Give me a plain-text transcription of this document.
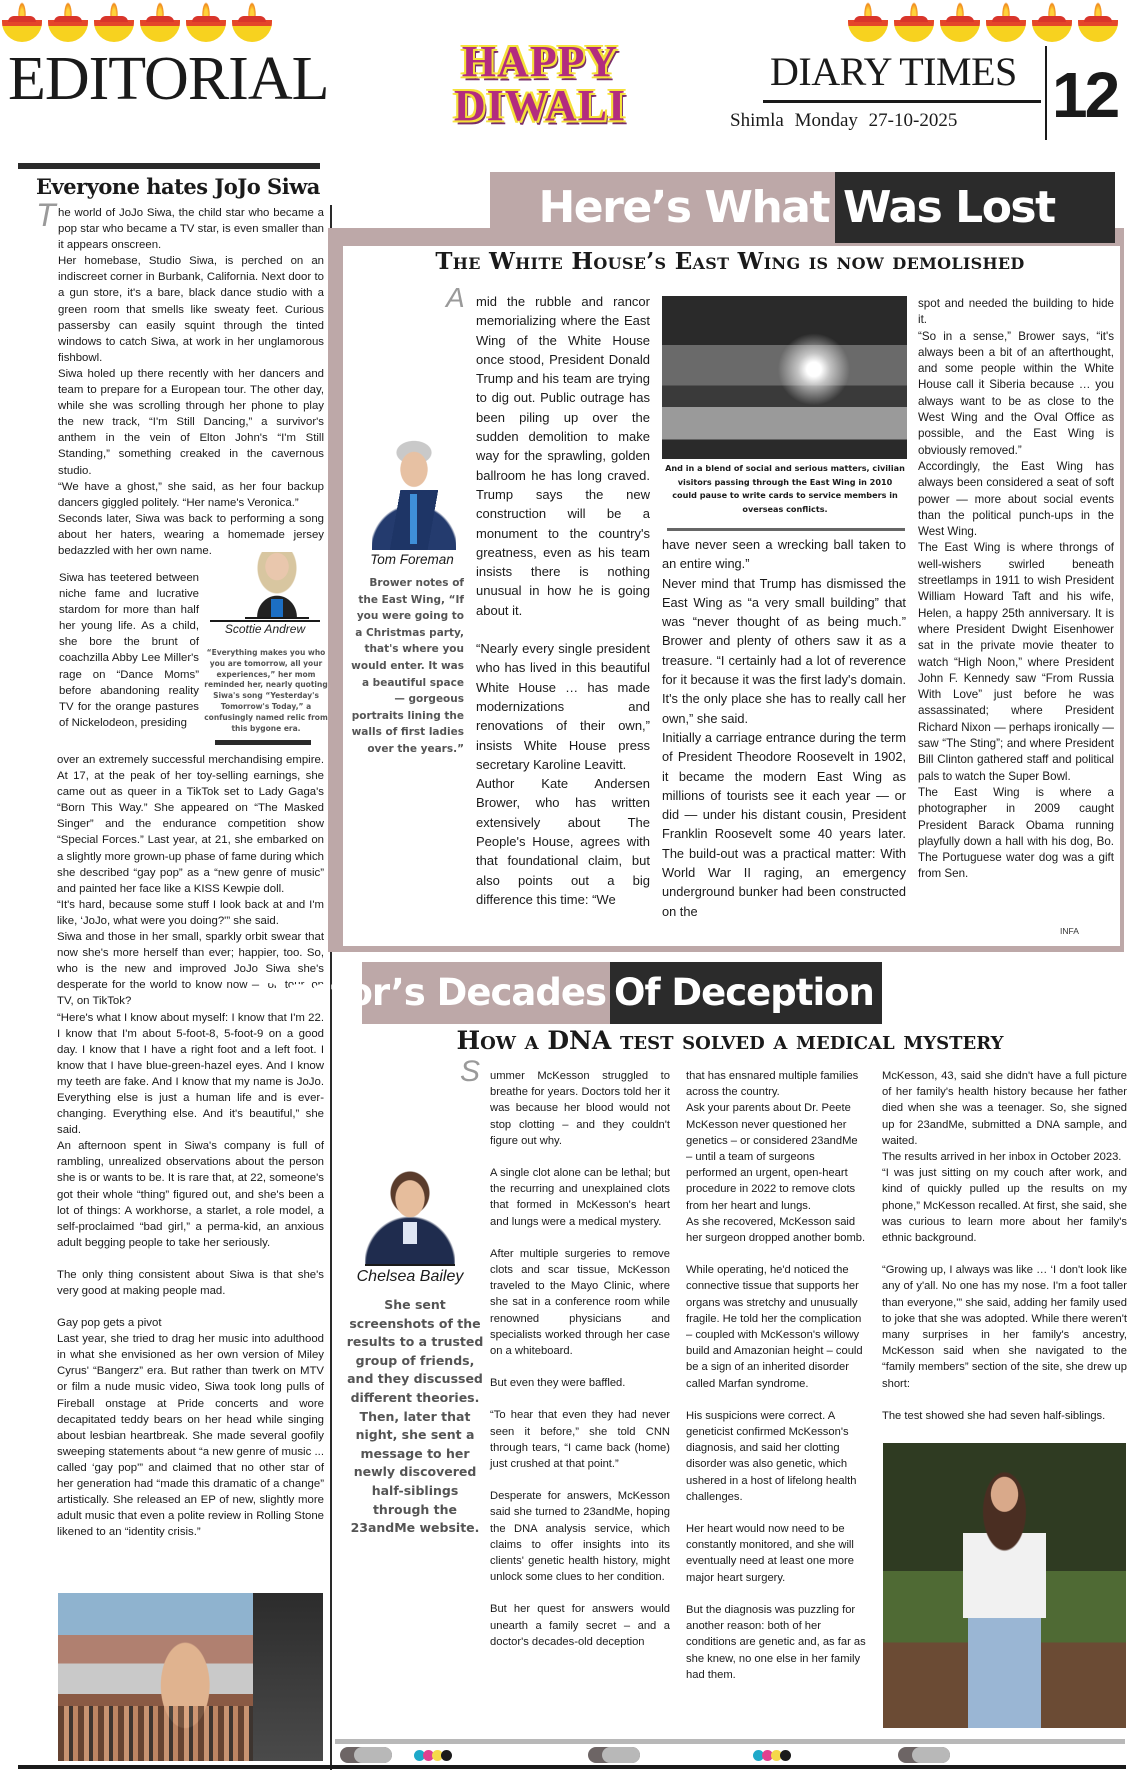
EDITORIAL	HAPPY
DIWALI
DIARY TIMES
Shimla Monday 27-10-2025 12
Everyone hates JoJo Siwa
T he world of JoJo Siwa, the child star who became a pop star who became a TV star, is even smaller than it appears onscreen.

Her homebase, Studio Siwa, is perched on an indiscreet corner in Burbank, California. Next door to a gun store, it's a bare, black dance studio with a green room that smells like sweaty feet. Curious passersby can easily squint through the tinted windows to catch Siwa, at work in her unglamorous fishbowl.

Siwa holed up there recently with her dancers and team to prepare for a European tour. The other day, while she was scrolling through her phone to play the new track, “I'm Still Dancing,” a survivor's anthem in the vein of Elton John's “I'm Still Standing,” something creaked in the cavernous studio.

“We have a ghost,” she said, as her four backup dancers giggled politely. “Her name's Veronica.”

Seconds later, Siwa was back to performing a song about her haters, wearing a homemade jersey bedazzled with her own name.

Siwa has teetered between niche fame and lucrative stardom for more than half her young life. As a child, she bore the brunt of coachzilla Abby Lee Miller's rage on “Dance Moms” before abandoning reality TV for the orange pastures of Nickelodeon, presiding
Scottie Andrew
“Everything makes you who you are tomorrow, all your experiences,” her mom reminded her, nearly quoting Siwa's song “Yesterday's Tomorrow's Today,” a confusingly named relic from this bygone era.

over an extremely successful merchandising empire. At 17, at the peak of her toy-selling earnings, she came out as queer in a TikTok set to Lady Gaga's “Born This Way.” She appeared on “The Masked Singer” and the endurance competition show “Special Forces.” Last year, at 21, she embarked on a slightly more grown-up phase of fame during which she described “gay pop” as a “new genre of music” and painted her face like a KISS Kewpie doll.

“It's hard, because some stuff I look back at and I'm like, ‘JoJo, what were you doing?'” she said.

Siwa and those in her small, sparkly orbit swear that now she's more herself than ever; happier, too. So, who is the new and improved JoJo Siwa she's desperate for the world to know now — on tour, on TV, on TikTok?

“Here's what I know about myself: I know that I'm 22. I know that I'm about 5-foot-8, 5-foot-9 on a good day. I know that I have a right foot and a left foot. I know that I have blue-green-hazel eyes. And I know my teeth are fake. And I know that my name is JoJo. Everything else is just a human life and is ever-changing. Everything else. And it's beautiful,” she said.

An afternoon spent in Siwa's company is full of rambling, unrealized observations about the person she is or wants to be. It is rare that, at 22, someone's got their whole “thing” figured out, and she's been a lot of things: A workhorse, a starlet, a role model, a self-proclaimed “bad girl,” a perma-kid, an anxious adult begging people to take her seriously.

The only thing consistent about Siwa is that she's very good at making people mad.

Gay pop gets a pivot

Last year, she tried to drag her music into adulthood in what she envisioned as her own version of Miley Cyrus' “Bangerz” era. But rather than twerk on MTV or film a nude music video, Siwa took long pulls of Fireball onstage at Pride concerts and wore decapitated teddy bears on her head while singing about lesbian heartbreak. She made several goofily sweeping statements about “a new genre of music ... called ‘gay pop'” and claimed that no other star of her generation had “made this dramatic of a change” artistically. She released an EP of new, slightly more adult music that even a polite review in Rolling Stone likened to an “identity crisis.”

Here’s What Was Lost
The White House’s East Wing is now demolished
Tom Foreman
Brower notes of the East Wing, “If you were going to a Christmas party, that's where you would enter. It was a beautiful space — gorgeous portraits lining the walls of first ladies over the years.”
A mid the rubble and rancor memorializing where the East Wing of the White House once stood, President Donald Trump and his team are trying to dig out. Public outrage has been piling up over the sudden demolition to make way for the sprawling, golden ballroom he has long craved. Trump says the new construction will be a monument to the country's greatness, even as his team insists there is nothing unusual in how he is going about it.

“Nearly every single president who has lived in this beautiful White House … has made modernizations and renovations of their own,” insists White House press secretary Karoline Leavitt.

Author Kate Andersen Brower, who has written extensively about The People's House, agrees with that foundational claim, but also points out a big difference this time: “We

And in a blend of social and serious matters, civilian visitors passing through the East Wing in 2010 could pause to write cards to service members in overseas conflicts.

have never seen a wrecking ball taken to an entire wing.”

Never mind that Trump has dismissed the East Wing as “a very small building” that was “never thought of as being much.” Brower and plenty of others saw it as a treasure. “I certainly had a lot of reverence for it because it was the first lady's domain. It's the only place she has to really call her own,” she said.

Initially a carriage entrance during the term of President Theodore Roosevelt in 1902, it became the modern East Wing as millions of tourists see it each year — or did — under his distant cousin, President Franklin Roosevelt some 40 years later. The build-out was a practical matter: With World War II raging, an emergency underground bunker had been constructed on the

spot and needed the building to hide it.

“So in a sense,” Brower says, “it's always been a bit of an afterthought, and some people within the White House call it Siberia because … you always want to be as close to the West Wing and the Oval Office as possible, and the East Wing is obviously removed.”

Accordingly, the East Wing has always been considered a seat of soft power — more about social events than the political punch-ups in the West Wing.

The East Wing is where throngs of well-wishers swirled beneath streetlamps in 1911 to wish President William Howard Taft and his wife, Helen, a happy 25th anniversary. It is where President Dwight Eisenhower sat in the private movie theater to watch “High Noon,” where President John F. Kennedy saw “From Russia With Love” just before he was assassinated; where President Richard Nixon — perhaps ironically — saw “The Sting”; and where President Bill Clinton gathered staff and political pals to watch the Super Bowl.

The East Wing is where a photographer in 2009 caught President Barack Obama running playfully down a hall with his dog, Bo. The Portuguese water dog was a gift from Sen.

INFA
Doctor’s Decades Of Deception
How a DNA test solved a medical mystery
Chelsea Bailey
She sent screenshots of the results to a trusted group of friends, and they discussed different theories. Then, later that night, she sent a message to her newly discovered half-siblings through the 23andMe website.
S ummer McKesson struggled to breathe for years. Doctors told her it was because her blood would not stop clotting – and they couldn't figure out why.

A single clot alone can be lethal; but the recurring and unexplained clots that formed in McKesson's heart and lungs were a medical mystery.

After multiple surgeries to remove clots and scar tissue, McKesson traveled to the Mayo Clinic, where she sat in a conference room while renowned physicians and specialists worked through her case on a whiteboard.

But even they were baffled.

“To hear that even they had never seen it before,” she told CNN through tears, “I came back (home) just crushed at that point.”

Desperate for answers, McKesson said she turned to 23andMe, hoping the DNA analysis service, which claims to offer insights into its clients' genetic health history, might unlock some clues to her condition.

But her quest for answers would unearth a family secret – and a doctor's decades-old deception

that has ensnared multiple families across the country.

Ask your parents about Dr. Peete McKesson never questioned her genetics – or considered 23andMe – until a team of surgeons performed an urgent, open-heart procedure in 2022 to remove clots from her heart and lungs.

As she recovered, McKesson said her surgeon dropped another bomb.

While operating, he'd noticed the connective tissue that supports her organs was stretchy and unusually fragile. He told her the complication – coupled with McKesson's willowy build and Amazonian height – could be a sign of an inherited disorder called Marfan syndrome.

His suspicions were correct. A geneticist confirmed McKesson's diagnosis, and said her clotting disorder was also genetic, which ushered in a host of lifelong health challenges.

Her heart would now need to be constantly monitored, and she will eventually need at least one more major heart surgery.

But the diagnosis was puzzling for another reason: both of her conditions are genetic and, as far as she knew, no one else in her family had them.

McKesson, 43, said she didn't have a full picture of her family's health history because her father died when she was a teenager. So, she signed up for 23andMe, submitted a DNA sample, and waited.

The results arrived in her inbox in October 2023.

“I was just sitting on my couch after work, and kind of quickly pulled up the results on my phone,” McKesson recalled. At first, she said, she was curious to learn more about her family's ethnic background.

“Growing up, I always was like … ‘I don't look like any of y'all. No one has my nose. I'm a foot taller than everyone,'” she said, adding her family used to joke that she was adopted. While there weren't many surprises in her family's ancestry, McKesson said when she navigated to the “family members” section of the site, she drew up short:

The test showed she had seven half-siblings.
